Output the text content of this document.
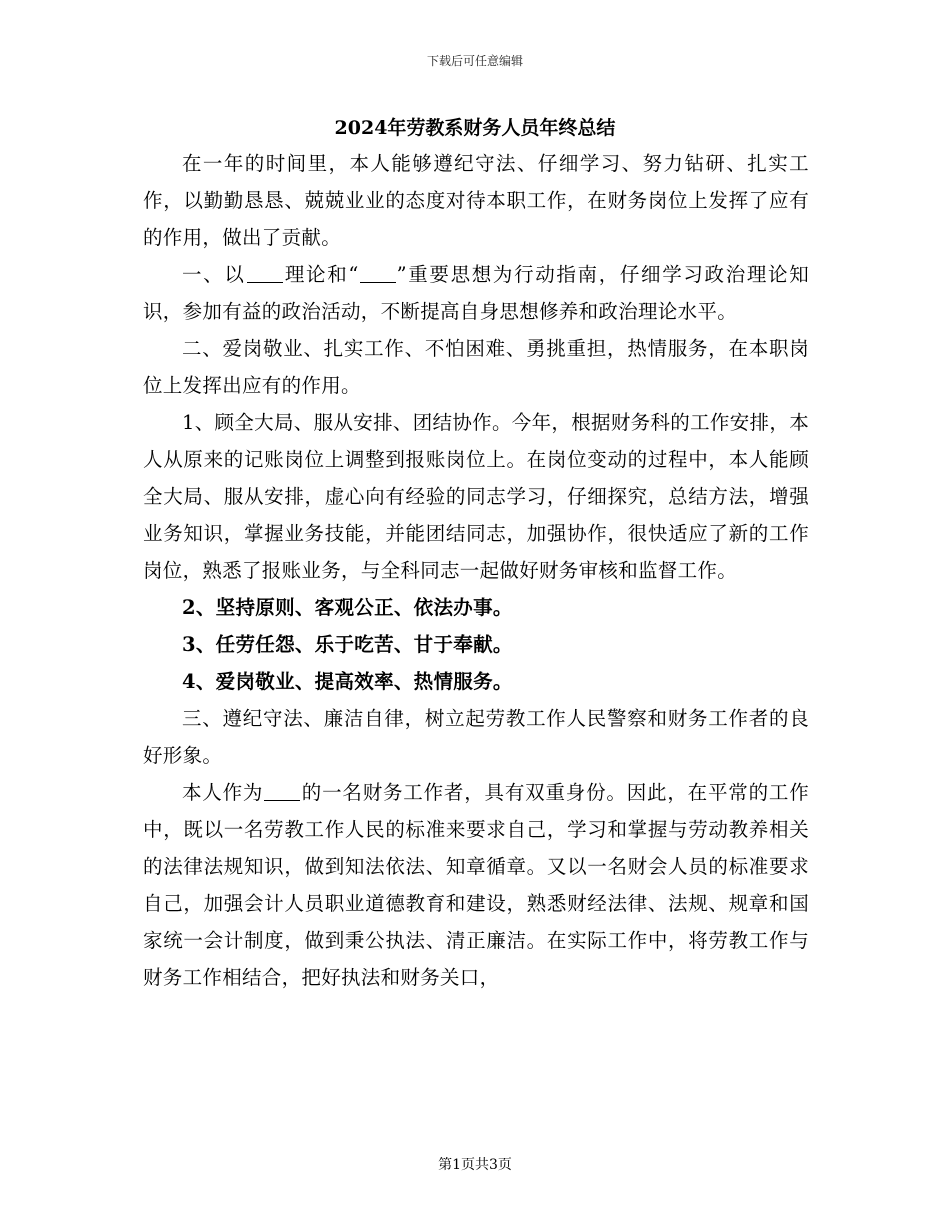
下载后可任意编辑
2024年劳教系财务人员年终总结

在一年的时间里，本人能够遵纪守法、仔细学习、努力钻研、扎实工作，以勤勤恳恳、兢兢业业的态度对待本职工作，在财务岗位上发挥了应有的作用，做出了贡献。

一、以 理论和“ ”重要思想为行动指南，仔细学习政治理论知识，参加有益的政治活动，不断提高自身思想修养和政治理论水平。

二、爱岗敬业、扎实工作、不怕困难、勇挑重担，热情服务，在本职岗位上发挥出应有的作用。

1、顾全大局、服从安排、团结协作。今年，根据财务科的工作安排，本人从原来的记账岗位上调整到报账岗位上。在岗位变动的过程中，本人能顾全大局、服从安排，虚心向有经验的同志学习，仔细探究，总结方法，增强业务知识，掌握业务技能，并能团结同志，加强协作，很快适应了新的工作岗位，熟悉了报账业务，与全科同志一起做好财务审核和监督工作。

2、坚持原则、客观公正、依法办事。

3、任劳任怨、乐于吃苦、甘于奉献。

4、爱岗敬业、提高效率、热情服务。

三、遵纪守法、廉洁自律，树立起劳教工作人民警察和财务工作者的良好形象。

本人作为 的一名财务工作者，具有双重身份。因此，在平常的工作中，既以一名劳教工作人民的标准来要求自己，学习和掌握与劳动教养相关的法律法规知识，做到知法依法、知章循章。又以一名财会人员的标准要求自己，加强会计人员职业道德教育和建设，熟悉财经法律、法规、规章和国家统一会计制度，做到秉公执法、清正廉洁。在实际工作中，将劳教工作与财务工作相结合，把好执法和财务关口，

第1页共3页
